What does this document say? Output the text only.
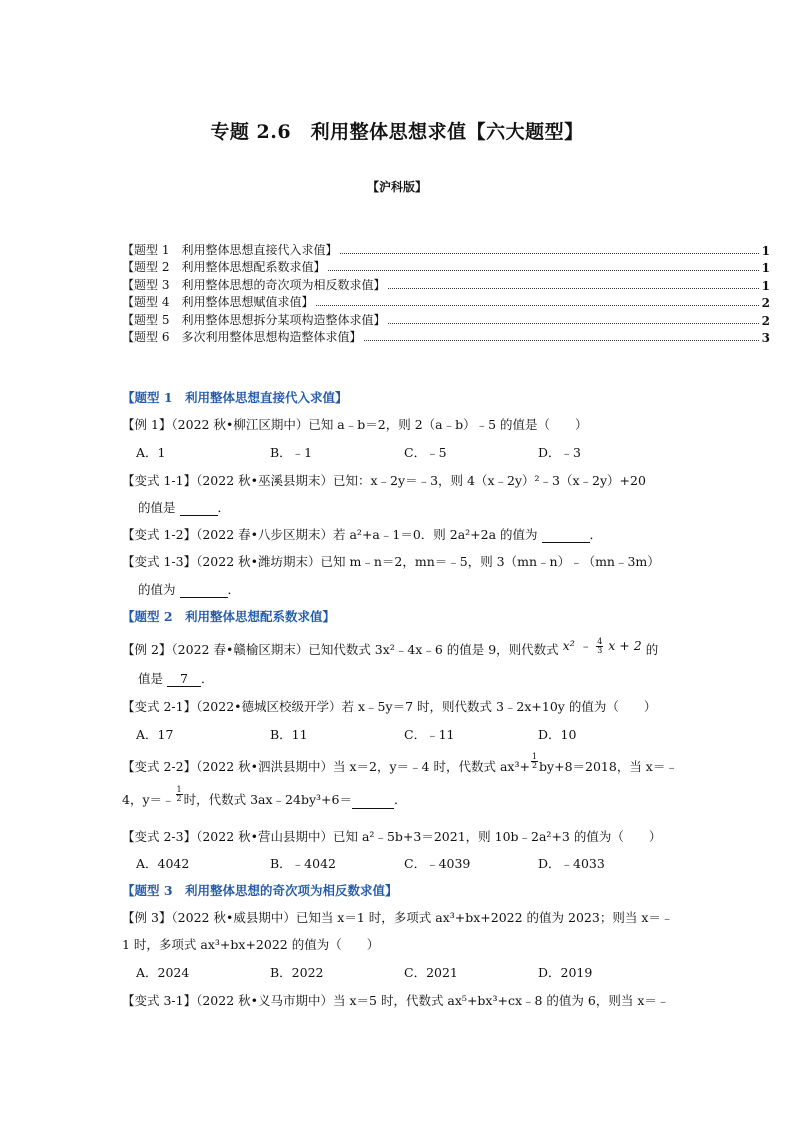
专题 2.6　利用整体思想求值【六大题型】
【沪科版】
【题型 1　利用整体思想直接代入求值】	1
【题型 2　利用整体思想配系数求值】	1
【题型 3　利用整体思想的奇次项为相反数求值】	1
【题型 4　利用整体思想赋值求值】	2
【题型 5　利用整体思想拆分某项构造整体求值】	2
【题型 6　多次利用整体思想构造整体求值】	3
【题型 1　利用整体思想直接代入求值】
【例 1】（2022 秋•柳江区期中）已知 a﹣b＝2，则 2（a﹣b）﹣5 的值是（　　）
A．1	B．﹣1	C．﹣5	D．﹣3
【变式 1-1】（2022 秋•巫溪县期末）已知：x﹣2y＝﹣3，则 4（x﹣2y）²﹣3（x﹣2y）+20
的值是	．
【变式 1-2】（2022 春•八步区期末）若 a²+a﹣1＝0．则 2a²+2a 的值为	．
【变式 1-3】（2022 秋•潍坊期末）已知 m﹣n＝2，mn＝﹣5，则 3（mn﹣n）﹣（mn﹣3m）
的值为	．
【题型 2　利用整体思想配系数求值】
【例 2】（2022 春•赣榆区期末）已知代数式 3x²﹣4x﹣6 的值是 9，则代数式 x² ﹣ $\frac{4}{3}$ x + 2 的
值是 7 ．
【变式 2-1】（2022•德城区校级开学）若 x﹣5y＝7 时，则代数式 3﹣2x+10y 的值为（　　）
A．17	B．11	C．﹣11	D．10
【变式 2-2】（2022 秋•泗洪县期中）当 x＝2，y＝﹣4 时，代数式 $ax^3+ \frac{1}{2} by+8=2018$，当 x＝﹣
4，y＝﹣ $\frac{1}{2}$ 时，代数式 3ax﹣24by³+6＝	．
【变式 2-3】（2022 秋•营山县期中）已知 a²﹣5b+3＝2021，则 10b﹣2a²+3 的值为（　　）
A．4042	B．﹣4042	C．﹣4039	D．﹣4033
【题型 3　利用整体思想的奇次项为相反数求值】
【例 3】（2022 秋•威县期中）已知当 x＝1 时，多项式 ax³+bx+2022 的值为 2023；则当 x＝﹣
1 时，多项式 ax³+bx+2022 的值为（　　）
A．2024	B．2022	C．2021	D．2019
【变式 3-1】（2022 秋•义马市期中）当 x＝5 时，代数式 ax⁵+bx³+cx﹣8 的值为 6，则当 x＝﹣
